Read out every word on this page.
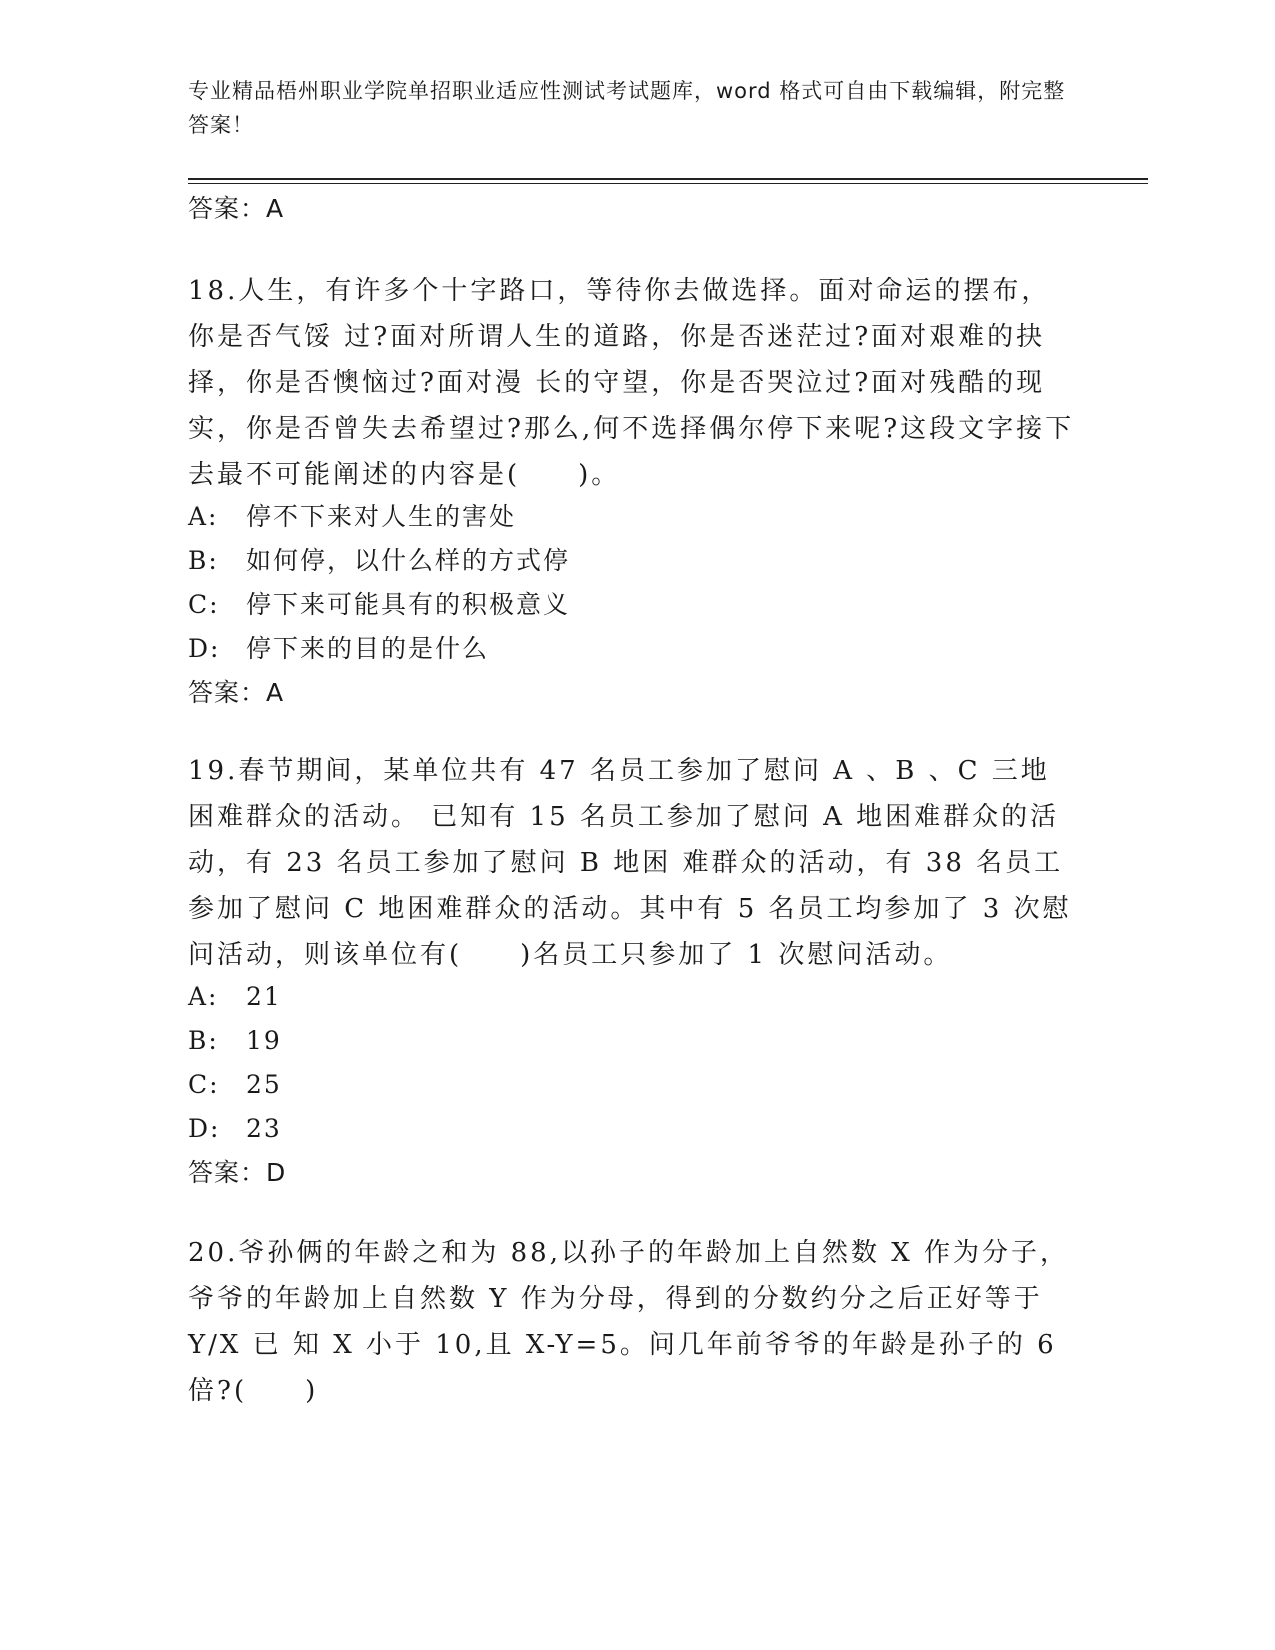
专业精品梧州职业学院单招职业适应性测试考试题库，word 格式可自由下载编辑，附完整答案！
答案：A
18.人生，有许多个十字路口，等待你去做选择。面对命运的摆布，你是否气馁 过?面对所谓人生的道路，你是否迷茫过?面对艰难的抉择，你是否懊恼过?面对漫 长的守望，你是否哭泣过?面对残酷的现实，你是否曾失去希望过?那么,何不选择偶尔停下来呢?这段文字接下去最不可能阐述的内容是(　　)。
A: 停不下来对人生的害处
B: 如何停，以什么样的方式停
C: 停下来可能具有的积极意义
D: 停下来的目的是什么
答案：A
19.春节期间，某单位共有 47 名员工参加了慰问 A 、B 、C 三地困难群众的活动。 已知有 15 名员工参加了慰问 A 地困难群众的活动，有 23 名员工参加了慰问 B 地困 难群众的活动，有 38 名员工参加了慰问 C 地困难群众的活动。其中有 5 名员工均参加了 3 次慰问活动，则该单位有(　　)名员工只参加了 1 次慰问活动。
A: 21
B: 19
C: 25
D: 23
答案：D
20.爷孙俩的年龄之和为 88,以孙子的年龄加上自然数 X 作为分子，爷爷的年龄加上自然数 Y 作为分母，得到的分数约分之后正好等于 Y/X 已 知 X 小于 10,且 X-Y=5。问几年前爷爷的年龄是孙子的 6 倍?(　　)
